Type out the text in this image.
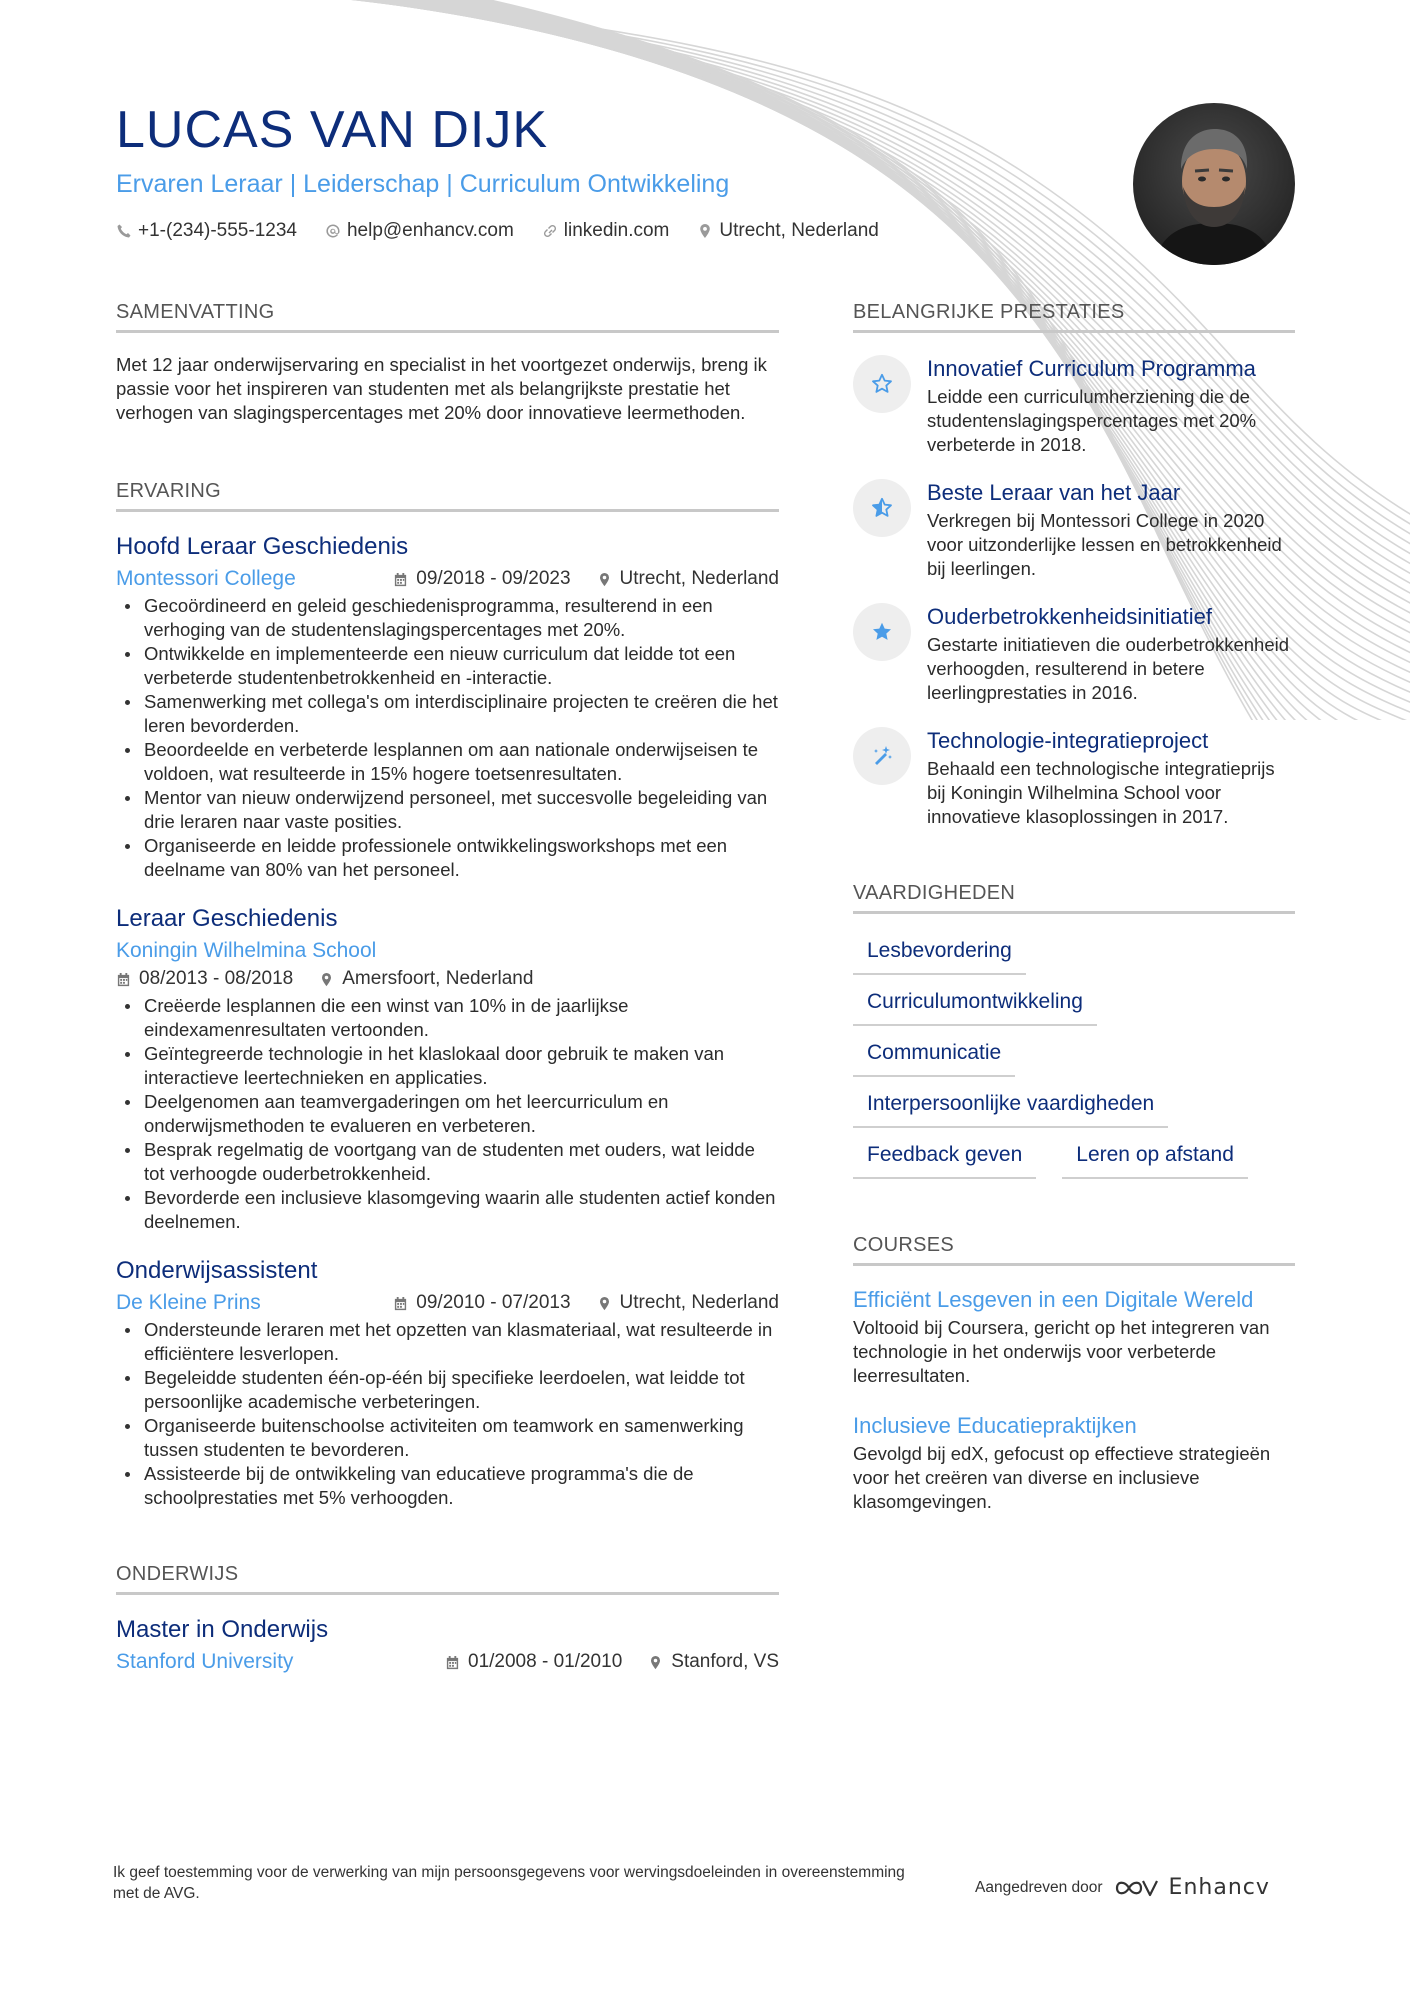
LUCAS VAN DIJK
Ervaren Leraar | Leiderschap | Curriculum Ontwikkeling
+1-(234)-555-1234	help@enhancv.com	linkedin.com	Utrecht, Nederland
SAMENVATTING

Met 12 jaar onderwijservaring en specialist in het voortgezet onderwijs, breng ik passie voor het inspireren van studenten met als belangrijkste prestatie het verhogen van slagingspercentages met 20% door innovatieve leermethoden.

ERVARING
Hoofd Leraar Geschiedenis
Montessori College	09/2018 - 09/2023	Utrecht, Nederland
Gecoördineerd en geleid geschiedenisprogramma, resulterend in een verhoging van de studentenslagingspercentages met 20%.
Ontwikkelde en implementeerde een nieuw curriculum dat leidde tot een verbeterde studentenbetrokkenheid en -interactie.
Samenwerking met collega's om interdisciplinaire projecten te creëren die het leren bevorderden.
Beoordeelde en verbeterde lesplannen om aan nationale onderwijseisen te voldoen, wat resulteerde in 15% hogere toetsenresultaten.
Mentor van nieuw onderwijzend personeel, met succesvolle begeleiding van drie leraren naar vaste posities.
Organiseerde en leidde professionele ontwikkelingsworkshops met een deelname van 80% van het personeel.
Leraar Geschiedenis
Koningin Wilhelmina School
08/2013 - 08/2018	Amersfoort, Nederland
Creëerde lesplannen die een winst van 10% in de jaarlijkse eindexamenresultaten vertoonden.
Geïntegreerde technologie in het klaslokaal door gebruik te maken van interactieve leertechnieken en applicaties.
Deelgenomen aan teamvergaderingen om het leercurriculum en onderwijsmethoden te evalueren en verbeteren.
Besprak regelmatig de voortgang van de studenten met ouders, wat leidde tot verhoogde ouderbetrokkenheid.
Bevorderde een inclusieve klasomgeving waarin alle studenten actief konden deelnemen.
Onderwijsassistent
De Kleine Prins	09/2010 - 07/2013	Utrecht, Nederland
Ondersteunde leraren met het opzetten van klasmateriaal, wat resulteerde in efficiëntere lesverlopen.
Begeleidde studenten één-op-één bij specifieke leerdoelen, wat leidde tot persoonlijke academische verbeteringen.
Organiseerde buitenschoolse activiteiten om teamwork en samenwerking tussen studenten te bevorderen.
Assisteerde bij de ontwikkeling van educatieve programma's die de schoolprestaties met 5% verhoogden.
ONDERWIJS
Master in Onderwijs
Stanford University	01/2008 - 01/2010	Stanford, VS
BELANGRIJKE PRESTATIES
Innovatief Curriculum Programma
Leidde een curriculumherziening die de studentenslagingspercentages met 20% verbeterde in 2018.
Beste Leraar van het Jaar
Verkregen bij Montessori College in 2020 voor uitzonderlijke lessen en betrokkenheid bij leerlingen.
Ouderbetrokkenheidsinitiatief
Gestarte initiatieven die ouderbetrokkenheid verhoogden, resulterend in betere leerlingprestaties in 2016.
Technologie-integratieproject
Behaald een technologische integratieprijs bij Koningin Wilhelmina School voor innovatieve klasoplossingen in 2017.
VAARDIGHEDEN
Lesbevordering
Curriculumontwikkeling
Communicatie
Interpersoonlijke vaardigheden
Feedback geven	Leren op afstand
COURSES
Efficiënt Lesgeven in een Digitale Wereld
Voltooid bij Coursera, gericht op het integreren van technologie in het onderwijs voor verbeterde leerresultaten.
Inclusieve Educatiepraktijken
Gevolgd bij edX, gefocust op effectieve strategieën voor het creëren van diverse en inclusieve klasomgevingen.
Ik geef toestemming voor de verwerking van mijn persoonsgegevens voor wervingsdoeleinden in overeenstemming met de AVG.	Aangedreven door	Enhancv
